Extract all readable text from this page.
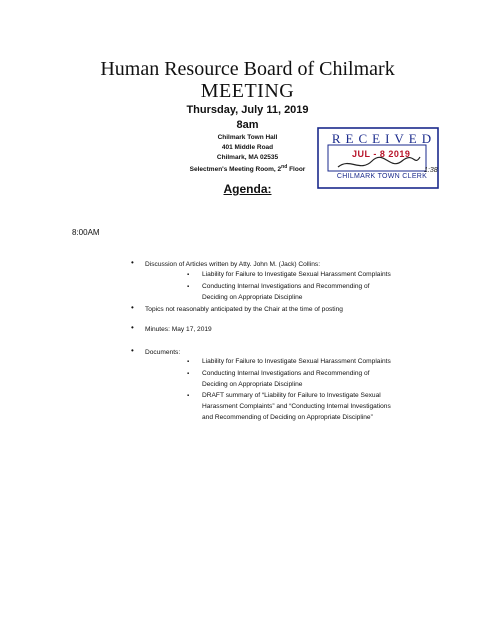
Human Resource Board of Chilmark
MEETING
Thursday, July 11, 2019
8am
Chilmark Town Hall
401 Middle Road
Chilmark, MA 02535
Selectmen's Meeting Room, 2nd Floor
Agenda:
RECEIVED
JUL - 8 2019
CHILMARK TOWN CLERK
1:38
8:00AM
• Discussion of Articles written by Atty. John M. (Jack) Collins:
▪ Liability for Failure to Investigate Sexual Harassment Complaints
▪ Conducting Internal Investigations and Recommending of
Deciding on Appropriate Discipline
• Topics not reasonably anticipated by the Chair at the time of posting
• Minutes: May 17, 2019
• Documents:
▪ Liability for Failure to Investigate Sexual Harassment Complaints
▪ Conducting Internal Investigations and Recommending of
Deciding on Appropriate Discipline
▪ DRAFT summary of “Liability for Failure to Investigate Sexual
Harassment Complaints” and “Conducting Internal Investigations
and Recommending of Deciding on Appropriate Discipline”
